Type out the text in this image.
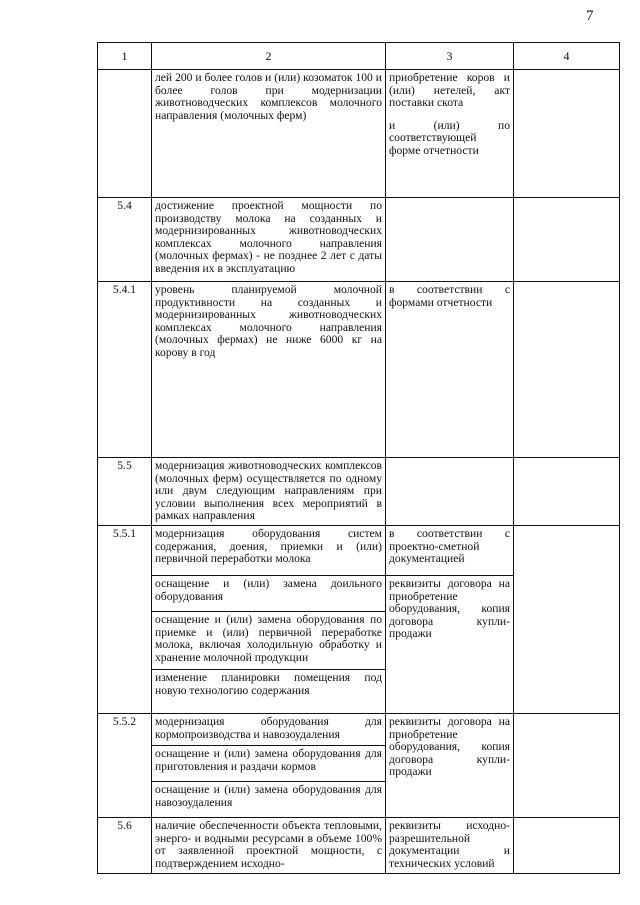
7
1	2	3	4
	лей 200 и более голов и (или) козоматок 100 и более голов при модернизации животноводческих комплексов молочного направления (молочных ферм)	приобретение коров и (или) нетелей, акт поставки скота
и (или) по соответствующей форме отчетности	

5.4	достижение проектной мощности по производству молока на созданных и модернизированных животноводческих комплексах молочного направления (молочных фермах) - не позднее 2 лет с даты введения их в эксплуатацию		
5.4.1	уровень планируемой молочной продуктивности на созданных и модернизированных животноводческих комплексах молочного направления (молочных фермах) не ниже 6000 кг на корову в год	в соответствии с формами отчетности	
5.5	модернизация животноводческих комплексов (молочных ферм) осуществляется по одному или двум следующим направлениям при условии выполнения всех мероприятий в рамках направления		
5.5.1	модернизация оборудования систем содержания, доения, приемки и (или) первичной переработки молока	в соответствии с проектно-сметной документацией	
	оснащение и (или) замена доильного оборудования	реквизиты договора на приобретение оборудования, копия договора купли-продажи	
	оснащение и (или) замена оборудования по приемке и (или) первичной переработке молока, включая холодильную обработку и хранение молочной продукции		
	изменение планировки помещения под новую технологию содержания		
5.5.2	модернизация оборудования для кормопроизводства и навозоудаления	реквизиты договора на приобретение оборудования, копия договора купли-продажи	
	оснащение и (или) замена оборудования для приготовления и раздачи кормов		
	оснащение и (или) замена оборудования для навозоудаления		
5.6	наличие обеспеченности объекта тепловыми, энерго- и водными ресурсами в объеме 100% от заявленной проектной мощности, с подтверждением исходно-	реквизиты исходно-разрешительной документации и технических условий	
